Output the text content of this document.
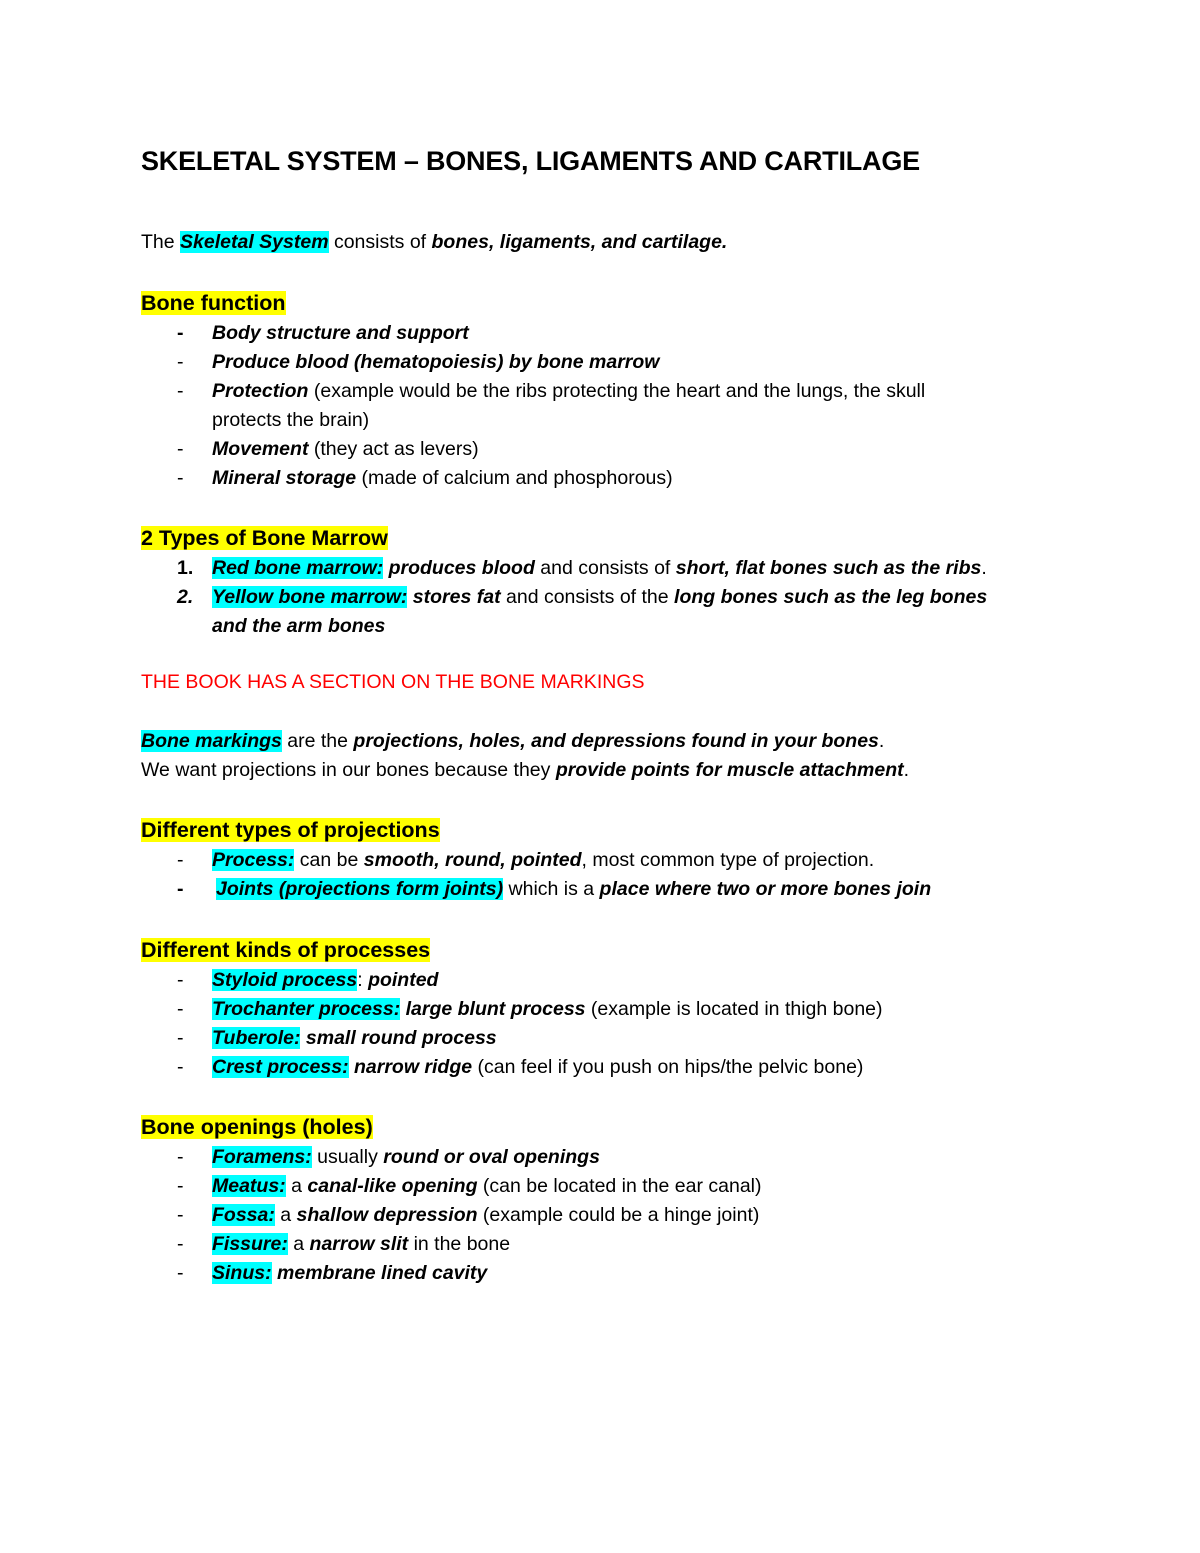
SKELETAL SYSTEM – BONES, LIGAMENTS AND CARTILAGE
The Skeletal System consists of bones, ligaments, and cartilage.
Bone function
- Body structure and support
- Produce blood (hematopoiesis) by bone marrow
- Protection (example would be the ribs protecting the heart and the lungs, the skull
protects the brain)
- Movement (they act as levers)
- Mineral storage (made of calcium and phosphorous)
2 Types of Bone Marrow
1. Red bone marrow: produces blood and consists of short, flat bones such as the ribs.
2. Yellow bone marrow: stores fat and consists of the long bones such as the leg bones
and the arm bones
THE BOOK HAS A SECTION ON THE BONE MARKINGS
Bone markings are the projections, holes, and depressions found in your bones.
We want projections in our bones because they provide points for muscle attachment.
Different types of projections
- Process: can be smooth, round, pointed, most common type of projection.
- Joints (projections form joints) which is a place where two or more bones join
Different kinds of processes
- Styloid process: pointed
- Trochanter process: large blunt process (example is located in thigh bone)
- Tuberole: small round process
- Crest process: narrow ridge (can feel if you push on hips/the pelvic bone)
Bone openings (holes)
- Foramens: usually round or oval openings
- Meatus: a canal-like opening (can be located in the ear canal)
- Fossa: a shallow depression (example could be a hinge joint)
- Fissure: a narrow slit in the bone
- Sinus: membrane lined cavity
